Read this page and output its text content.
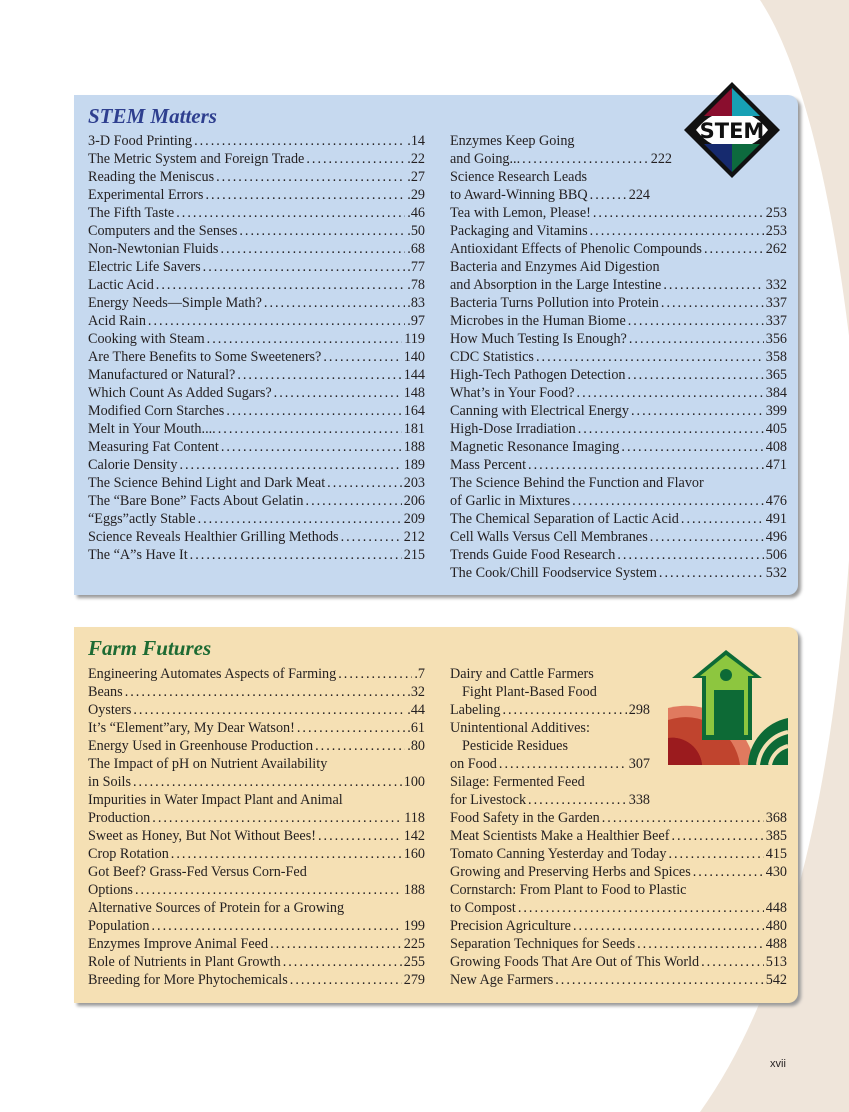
STEM Matters
3-D Food Printing .....	.14
The Metric System and Foreign Trade .....	.22
Reading the Meniscus .....	.27
Experimental Errors .....	.29
The Fifth Taste .....	.46
Computers and the Senses .....	.50
Non-Newtonian Fluids .....	.68
Electric Life Savers .....	.77
Lactic Acid .....	.78
Energy Needs—Simple Math? .....	.83
Acid Rain .....	.97
Cooking with Steam .....	119
Are There Benefits to Some Sweeteners? .....	140
Manufactured or Natural? .....	144
Which Count As Added Sugars? .....	148
Modified Corn Starches .....	164
Melt in Your Mouth.... .....	181
Measuring Fat Content .....	188
Calorie Density .....	189
The Science Behind Light and Dark Meat .....	203
The “Bare Bone” Facts About Gelatin .....	206
“Eggs”actly Stable .....	209
Science Reveals Healthier Grilling Methods .....	212
The “A”s Have It .....	215
Enzymes Keep Going
and Going... .....	222
Science Research Leads
to Award-Winning BBQ .....	224
Tea with Lemon, Please! .....	253
Packaging and Vitamins .....	253
Antioxidant Effects of Phenolic Compounds .....	262
Bacteria and Enzymes Aid Digestion
and Absorption in the Large Intestine .....	332
Bacteria Turns Pollution into Protein .....	337
Microbes in the Human Biome .....	337
How Much Testing Is Enough? .....	356
CDC Statistics .....	358
High-Tech Pathogen Detection .....	365
What’s in Your Food? .....	384
Canning with Electrical Energy .....	399
High-Dose Irradiation .....	405
Magnetic Resonance Imaging .....	408
Mass Percent .....	471
The Science Behind the Function and Flavor
of Garlic in Mixtures .....	476
The Chemical Separation of Lactic Acid .....	491
Cell Walls Versus Cell Membranes .....	496
Trends Guide Food Research .....	506
The Cook/Chill Foodservice System .....	532
STEM
Farm Futures
Engineering Automates Aspects of Farming .....	.7
Beans .....	.32
Oysters .....	.44
It’s “Element”ary, My Dear Watson! .....	.61
Energy Used in Greenhouse Production .....	.80
The Impact of pH on Nutrient Availability
in Soils .....	100
Impurities in Water Impact Plant and Animal
Production .....	118
Sweet as Honey, But Not Without Bees! .....	142
Crop Rotation .....	160
Got Beef? Grass-Fed Versus Corn-Fed
Options .....	188
Alternative Sources of Protein for a Growing
Population .....	199
Enzymes Improve Animal Feed .....	225
Role of Nutrients in Plant Growth .....	255
Breeding for More Phytochemicals .....	279
Dairy and Cattle Farmers
Fight Plant-Based Food
Labeling .....	298
Unintentional Additives:
Pesticide Residues
on Food .....	307
Silage: Fermented Feed
for Livestock .....	338
Food Safety in the Garden .....	368
Meat Scientists Make a Healthier Beef .....	385
Tomato Canning Yesterday and Today .....	415
Growing and Preserving Herbs and Spices .....	430
Cornstarch: From Plant to Food to Plastic
to Compost .....	448
Precision Agriculture .....	480
Separation Techniques for Seeds .....	488
Growing Foods That Are Out of This World .....	513
New Age Farmers .....	542
xvii
